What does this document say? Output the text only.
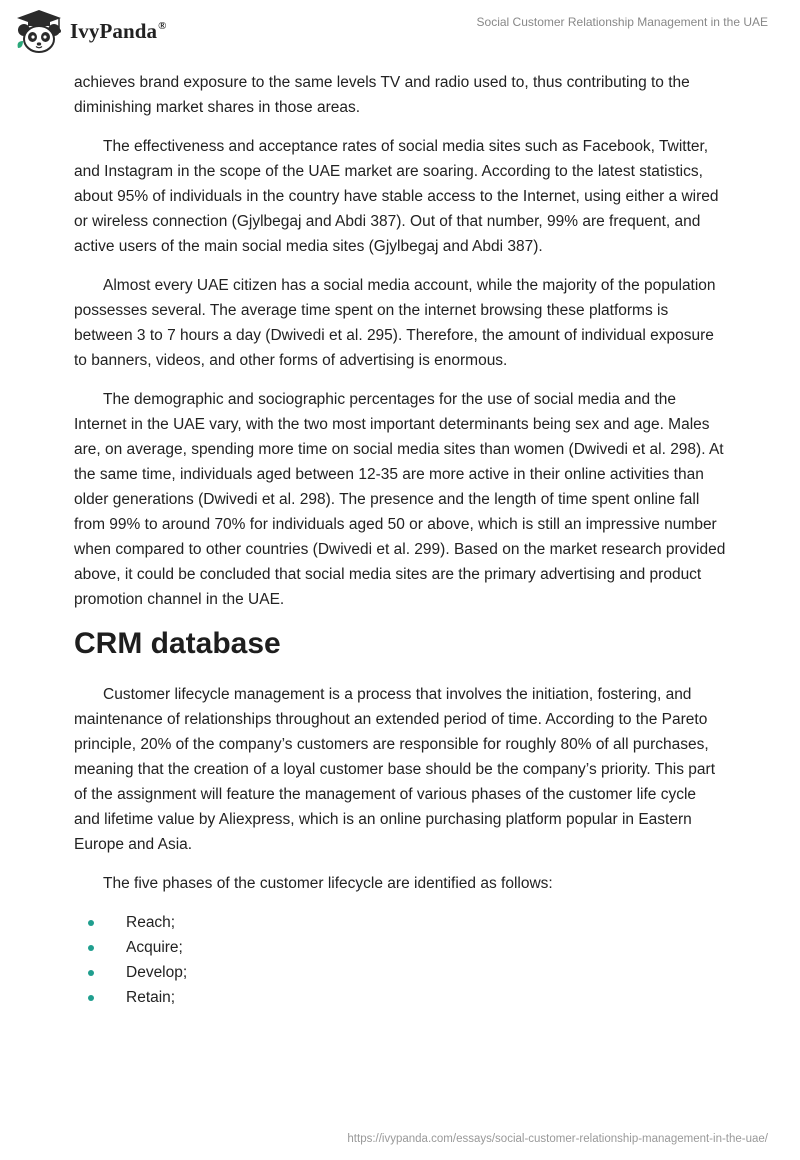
IvyPanda®	Social Customer Relationship Management in the UAE

achieves brand exposure to the same levels TV and radio used to, thus contributing to the diminishing market shares in those areas.

The effectiveness and acceptance rates of social media sites such as Facebook, Twitter, and Instagram in the scope of the UAE market are soaring. According to the latest statistics, about 95% of individuals in the country have stable access to the Internet, using either a wired or wireless connection (Gjylbegaj and Abdi 387). Out of that number, 99% are frequent, and active users of the main social media sites (Gjylbegaj and Abdi 387).

Almost every UAE citizen has a social media account, while the majority of the population possesses several. The average time spent on the internet browsing these platforms is between 3 to 7 hours a day (Dwivedi et al. 295). Therefore, the amount of individual exposure to banners, videos, and other forms of advertising is enormous.

The demographic and sociographic percentages for the use of social media and the Internet in the UAE vary, with the two most important determinants being sex and age. Males are, on average, spending more time on social media sites than women (Dwivedi et al. 298). At the same time, individuals aged between 12-35 are more active in their online activities than older generations (Dwivedi et al. 298). The presence and the length of time spent online fall from 99% to around 70% for individuals aged 50 or above, which is still an impressive number when compared to other countries (Dwivedi et al. 299). Based on the market research provided above, it could be concluded that social media sites are the primary advertising and product promotion channel in the UAE.

CRM database

Customer lifecycle management is a process that involves the initiation, fostering, and maintenance of relationships throughout an extended period of time. According to the Pareto principle, 20% of the company’s customers are responsible for roughly 80% of all purchases, meaning that the creation of a loyal customer base should be the company’s priority. This part of the assignment will feature the management of various phases of the customer life cycle and lifetime value by Aliexpress, which is an online purchasing platform popular in Eastern Europe and Asia.

The five phases of the customer lifecycle are identified as follows:

Reach;
Acquire;
Develop;
Retain;
https://ivypanda.com/essays/social-customer-relationship-management-in-the-uae/
